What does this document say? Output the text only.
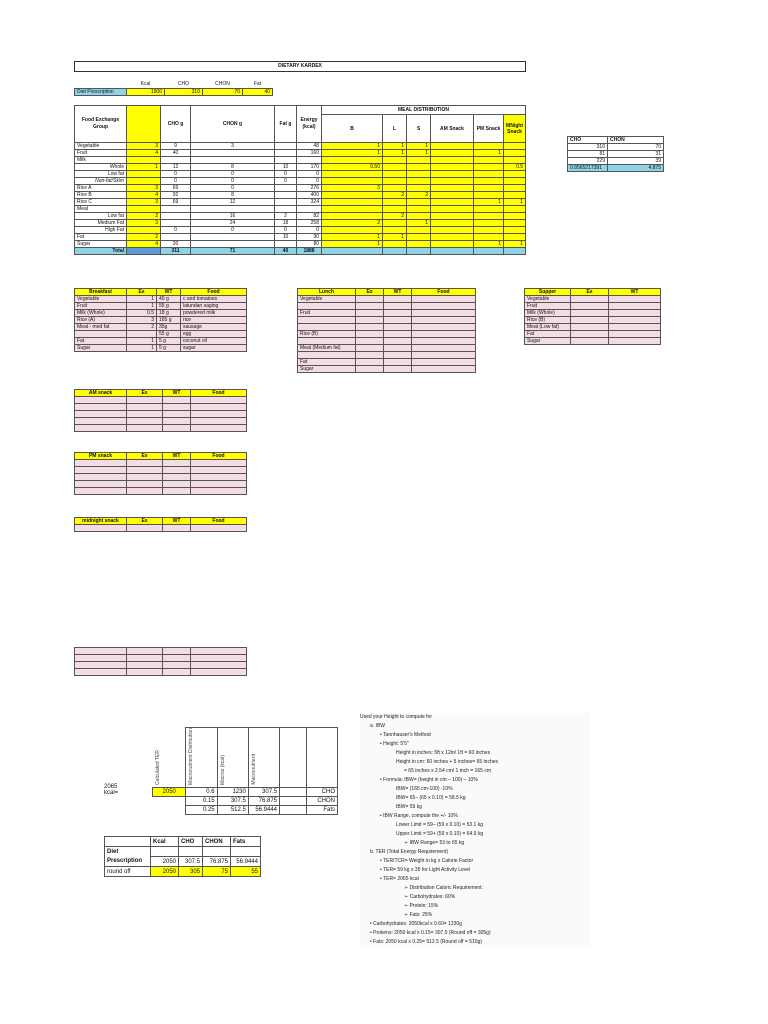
DIETARY KARDEX
	Kcal	CHO	CHON	Fat
Diet Prescription	1900	310	70	40
Food Exchange Group		CHO g	CHON g	Fat g	Energy (kcal)	MEAL DISTRIBUTION					
						B	L	S	AM Snack	PM Snack	MNight Snack
Vegetable	3	9	3		48	1	1	1			
Fruit	4	40			160	1	1	1		1	
Milk											
Whole	1	12	8	10	170	0.50					0.5
Low fat		0	0	0	0						
Non-fat/Skim		0	0	0	0						
Rice A	3	69	0		276	3					
Rice B	4	92	8		400		2	2			
Rice C	3	69	12		324					1	1
Meat											
Low fat	2		16	2	82		2				
Medium Fat	3		24	18	258	2		1			
High Fat		0	0	0	0						
Fat	2			10	90	1	1				
Sugar	4	20			80	1				1	1
Total		311	71	40	1888						
CHO	CHON
310	70
81	31
229	39
0.9565217391	4.875
Breakfast	Ex	WT	Food
Vegetable	1	40 g	c and tomatoes
Fruit	1	55 g	latundan saging
Milk (Whole)	0.5	18 g	powdered milk
Rice (A)	3	165 g	rice
Meat - med fat	2	35g	sausage
		55 g	egg
Fat	1	5 g	coconut oil
Sugar	1	5 g	sugar
Lunch	Ex	WT	Food
Vegetable			

Fruit			

Rice (B)			

Meat (Medium fat)			

Fat			
Sugar			
Supper	Ex	WT
Vegetable		
Fruit		
Milk (Whole)		
Rice (B)		
Meat (Low fat)		
Fat		
Sugar		
AM snack	Ex	WT	Food

PM snack	Ex	WT	Food

midnight snack	Ex	WT	Food

2065 kcal=
Calculated TER	Macronutrient Distribution	Macros (kcal)	Macronutrient		
2050	0.6	1230	307.5		CHO
	0.15	307.5	76.875		CHON
	0.25	512.5	56.9444		Fats
	Kcal	CHO	CHON	Fats
Diet				
Prescription	2050	307.5	76.875	56.9444
round off	2050	305	75	55
Used your Height to compute for
a. IBW
• Tannhauser's Method
• Height: 5'5"
Height in inches: 5ft x 12in/ 1ft = 60 inches
Height in cm: 60 inches + 5 inches= 65 inches
= 65 inches x 2.54 cm/ 1 inch = 165 cm
• Formula: IBW= (height in cm – 100) – 10%
IBW= (165 cm-100) -10%
IBW= 65– (65 x 0.10) = 58.5 kg
IBW= 59 kg
• IBW Range, compute the +/- 10%
Lower Limit = 59– (59 x 0.10) = 53.1 kg
Upper Limit = 59+ (59 x 0.10) = 64.9 kg
➢ IBW Range= 53 to 65 kg
b. TER (Total Energy Requirement)
• TER/TCR= Weight in kg x Calorie Factor
• TER= 59 kg x 35 for Light Activity Level
• TER= 2065 kcal
➢ Distribution Caloric Requirement:
➢ Carbohydrates: 60%
➢ Protein: 15%
➢ Fats: 25%
• Carbohydrates: 2050kcal x 0.60= 1230g
• Proteins: 2050 kcal x 0.15= 307.5 (Round off = 305g)
• Fats: 2050 kcal x 0.25= 512.5 (Round off = 510g)
